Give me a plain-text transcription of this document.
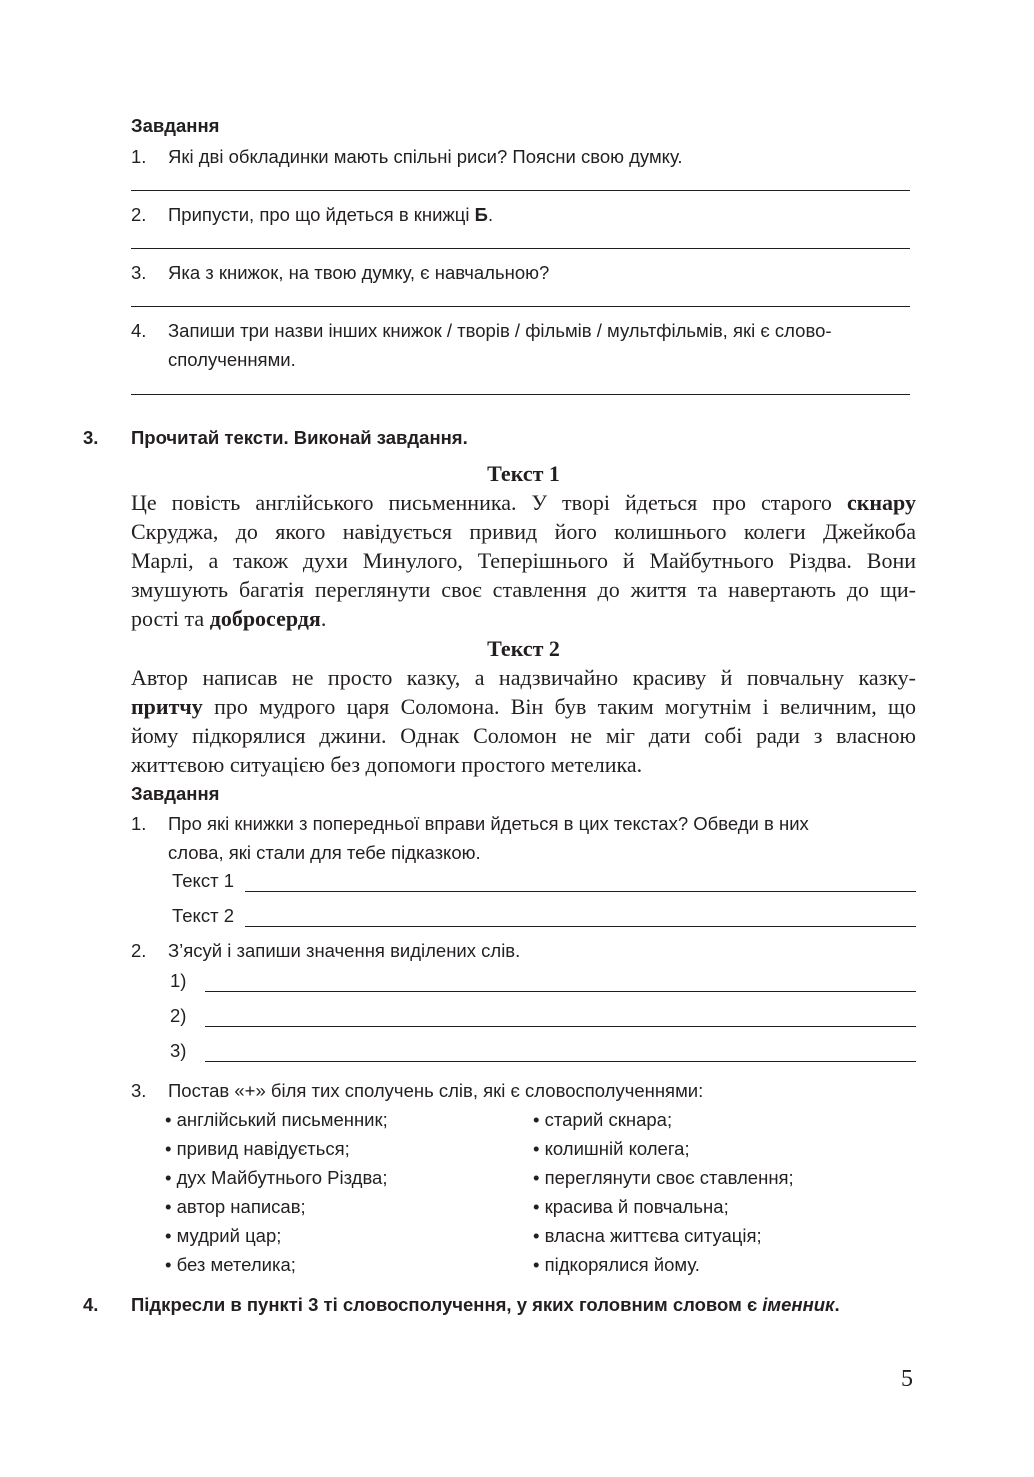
Завдання
1. Які дві обкладинки мають спільні риси? Поясни свою думку.
2. Припусти, про що йдеться в книжці Б.
3. Яка з книжок, на твою думку, є навчальною?
4. Запиши три назви інших книжок / творів / фільмів / мультфільмів, які є слово-
сполученнями.
3. Прочитай тексти. Виконай завдання.
Текст 1
Це повість англійського письменника. У творі йдеться про старого скнару
Скруджа, до якого навідується привид його колишнього колеги Джейкоба
Марлі, а також духи Минулого, Теперішнього й Майбутнього Різдва. Вони
змушують багатія переглянути своє ставлення до життя та навертають до щи-
рості та добросердя.
Текст 2
Автор написав не просто казку, а надзвичайно красиву й повчальну казку-
притчу про мудрого царя Соломона. Він був таким могутнім і величним, що
йому підкорялися джини. Однак Соломон не міг дати собі ради з власною
життєвою ситуацією без допомоги простого метелика.
Завдання
1. Про які книжки з попередньої вправи йдеться в цих текстах? Обведи в них
слова, які стали для тебе підказкою.
Текст 1
Текст 2
2. З’ясуй і запиши значення виділених слів.
1)
2)
3)
3. Постав «+» біля тих сполучень слів, які є словосполученнями:
• англійський письменник;
• привид навідується;
• дух Майбутнього Різдва;
• автор написав;
• мудрий цар;
• без метелика;
• старий скнара;
• колишній колега;
• переглянути своє ставлення;
• красива й повчальна;
• власна життєва ситуація;
• підкорялися йому.
4. Підкресли в пункті 3 ті словосполучення, у яких головним словом є іменник.
5
